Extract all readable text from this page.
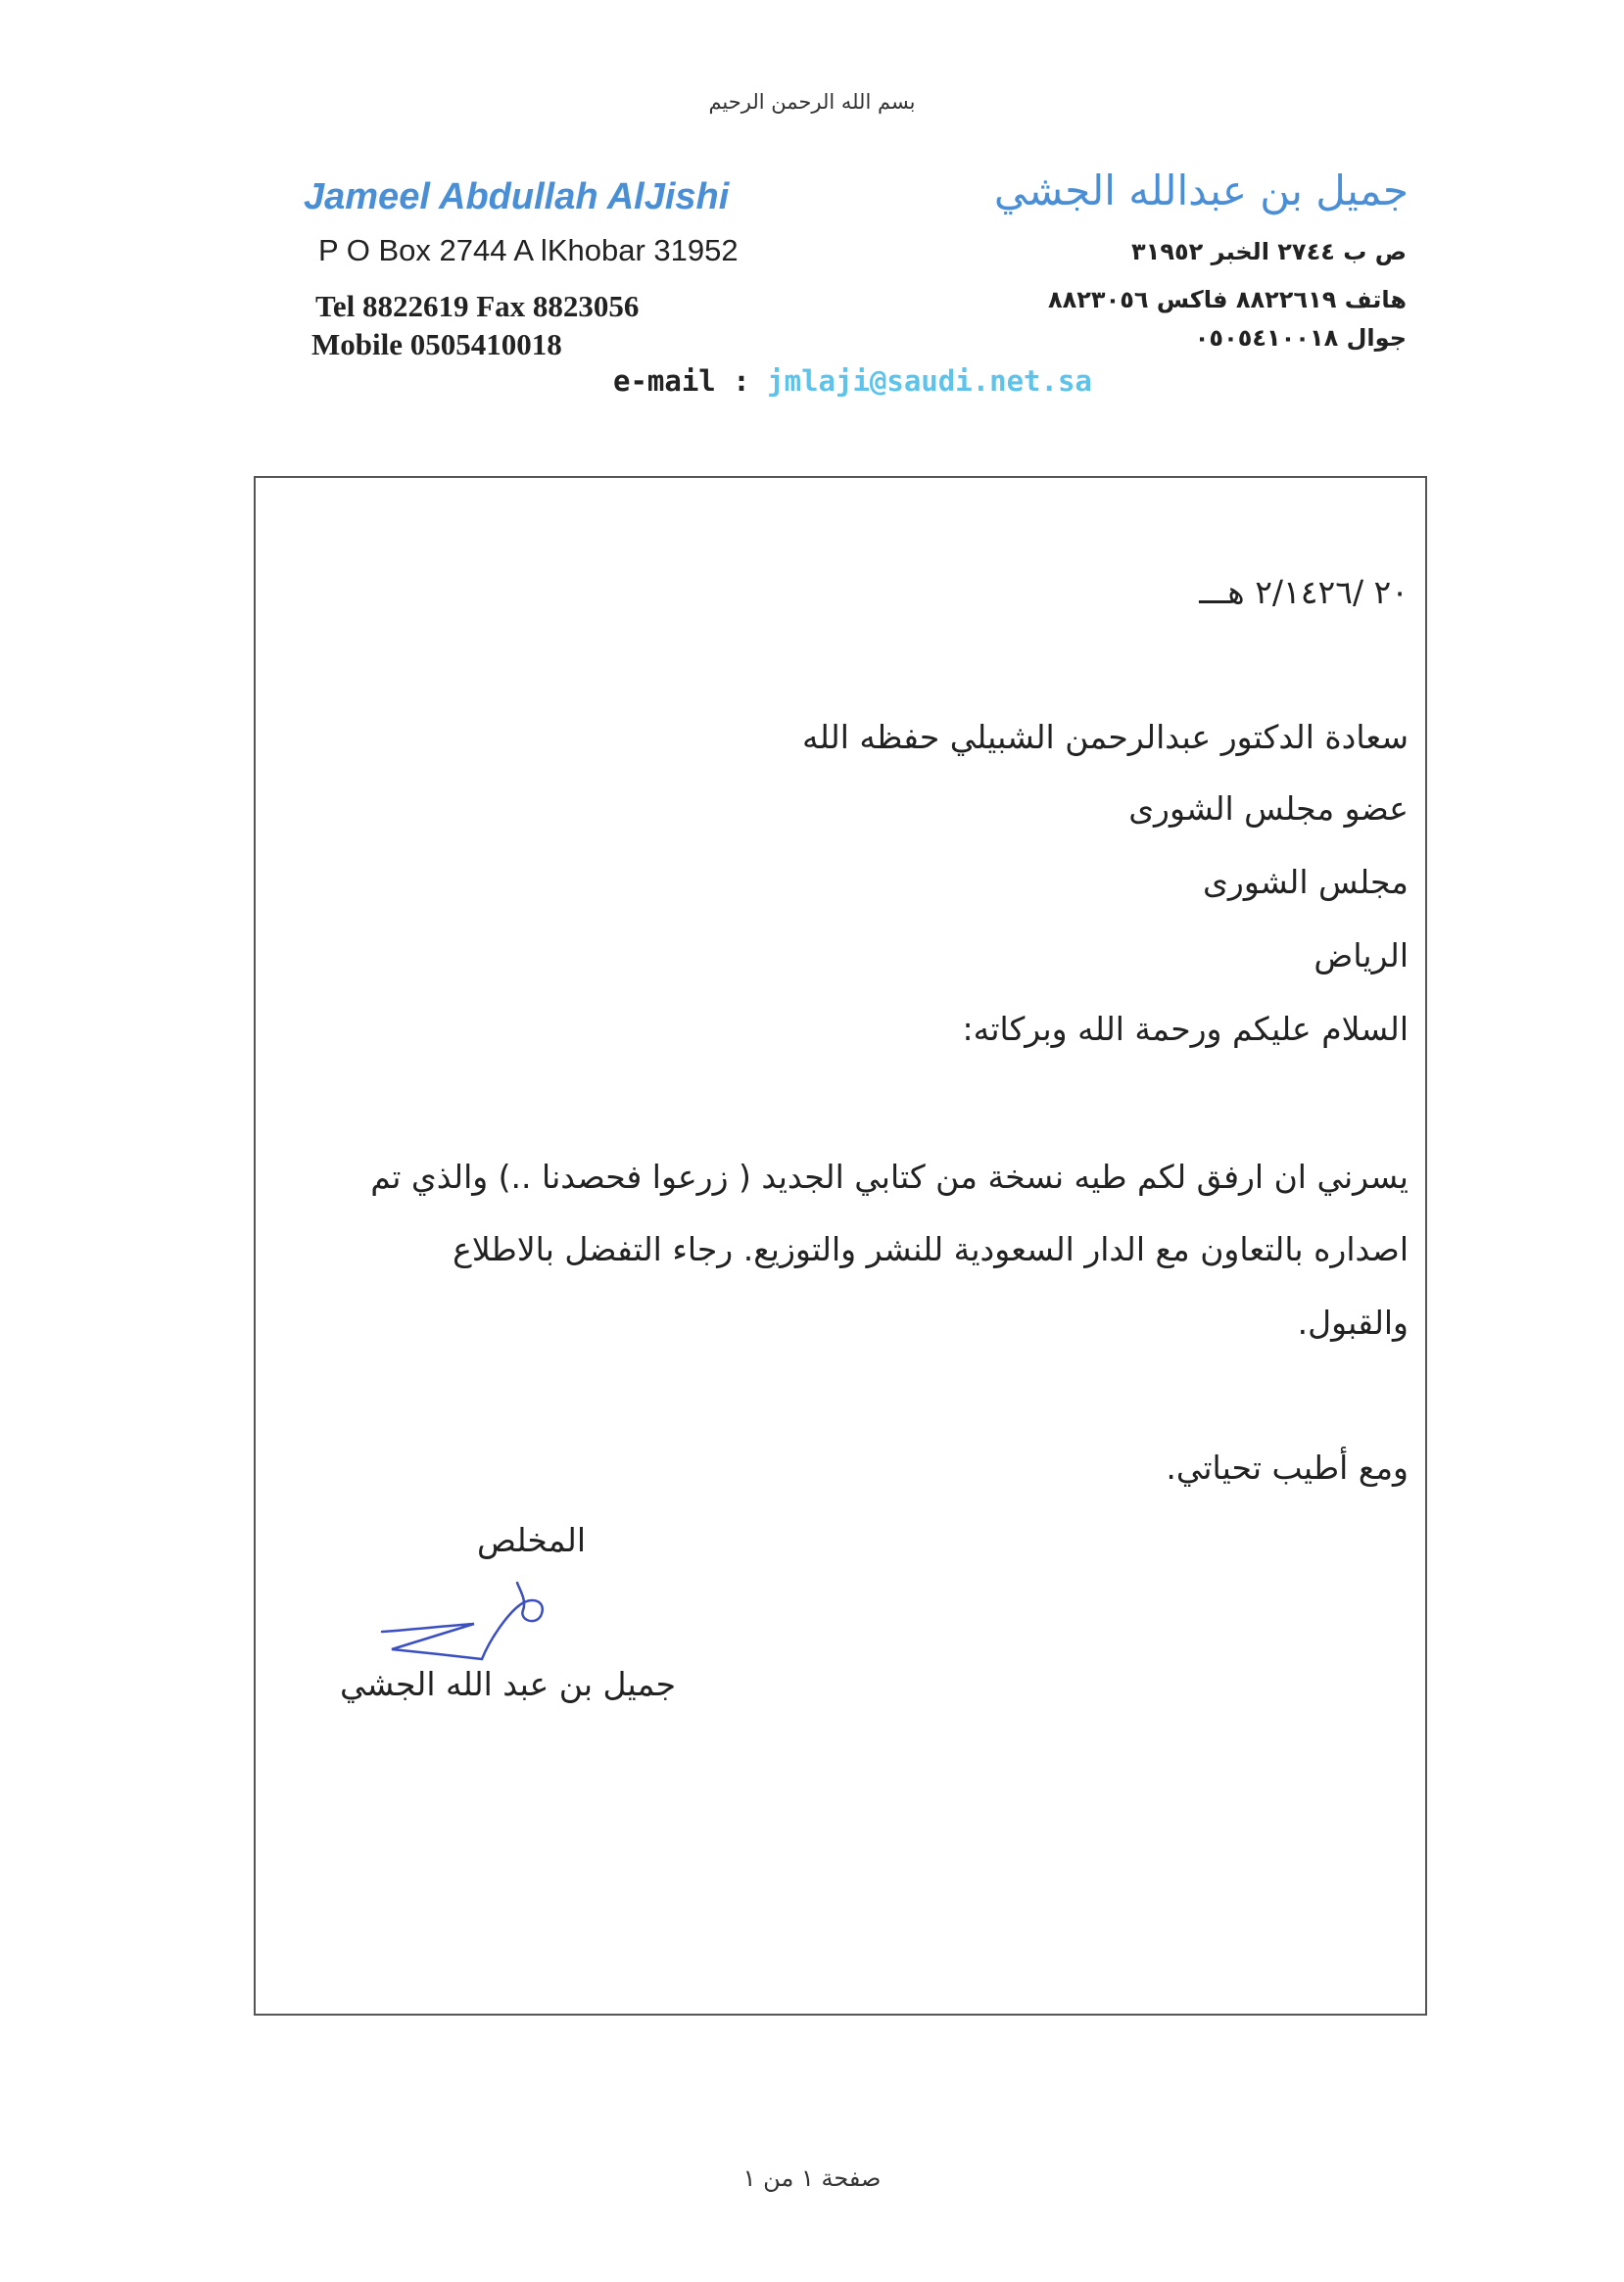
بسم الله الرحمن الرحيم
Jameel Abdullah AlJishi	جميل بن عبدالله الجشي
P O Box 2744 A lKhobar 31952
Tel 8822619 Fax 8823056
Mobile 0505410018
ص ب ٢٧٤٤ الخبر ٣١٩٥٢
هاتف ٨٨٢٢٦١٩ فاكس ٨٨٢٣٠٥٦
جوال ٠٥٠٥٤١٠٠١٨
e-mail : jmlaji@saudi.net.sa
٢٠ /٢/١٤٢٦ هـــ
سعادة الدكتور عبدالرحمن الشبيلي حفظه الله
عضو مجلس الشورى
مجلس الشورى
الرياض
السلام عليكم ورحمة الله وبركاته:
يسرني ان ارفق لكم طيه نسخة من كتابي الجديد ( زرعوا فحصدنا ..) والذي تم
اصداره بالتعاون مع الدار السعودية للنشر والتوزيع. رجاء التفضل بالاطلاع
والقبول.
ومع أطيب تحياتي.
المخلص
جميل بن عبد الله الجشي
صفحة ١ من ١
